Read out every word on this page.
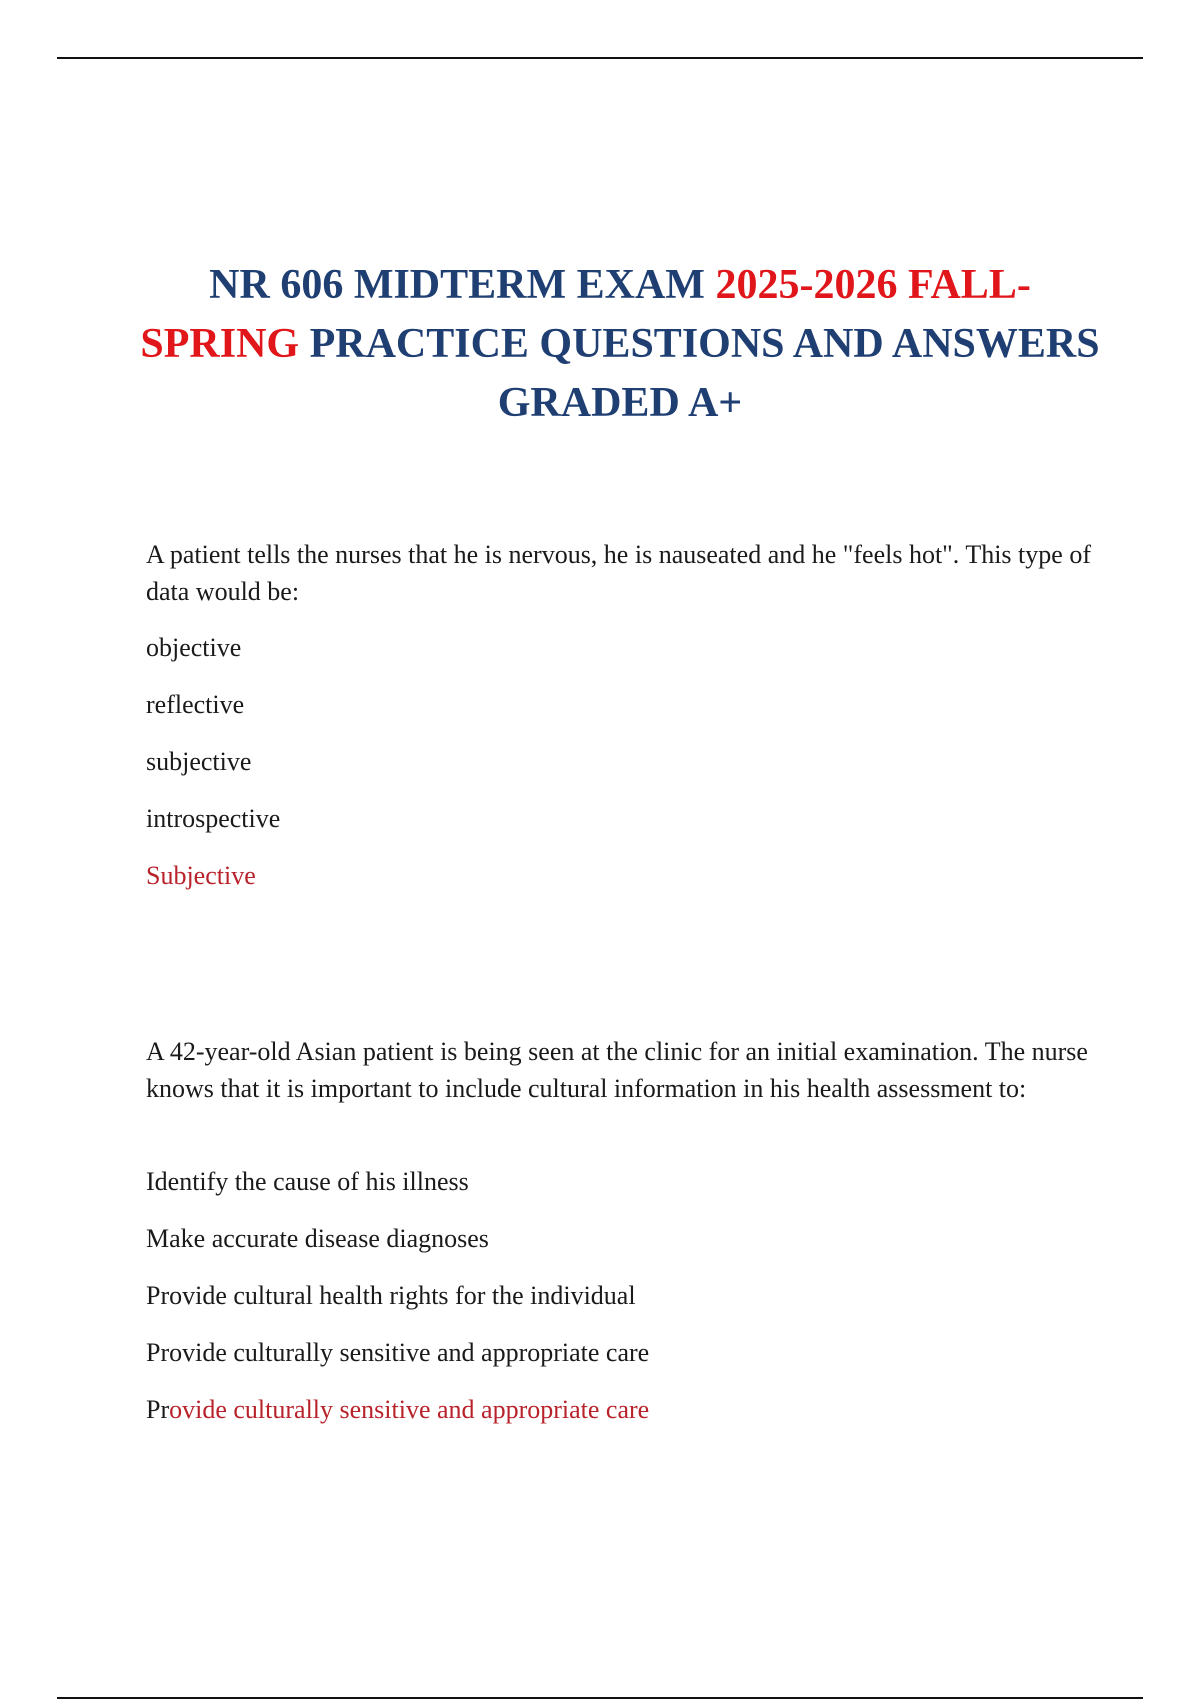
NR 606 MIDTERM EXAM 2025-2026 FALL-SPRING PRACTICE QUESTIONS AND ANSWERS GRADED A+

A patient tells the nurses that he is nervous, he is nauseated and he "feels hot". This type of data would be:

objective

reflective

subjective

introspective

Subjective

A 42-year-old Asian patient is being seen at the clinic for an initial examination. The nurse knows that it is important to include cultural information in his health assessment to:

Identify the cause of his illness

Make accurate disease diagnoses

Provide cultural health rights for the individual

Provide culturally sensitive and appropriate care

Provide culturally sensitive and appropriate care
